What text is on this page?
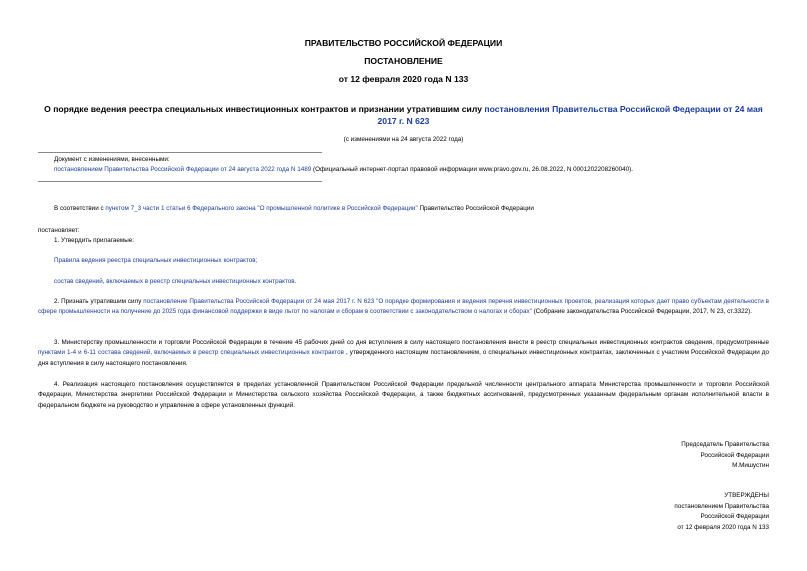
ПРАВИТЕЛЬСТВО РОССИЙСКОЙ ФЕДЕРАЦИИ
ПОСТАНОВЛЕНИЕ
от 12 февраля 2020 года N 133
О порядке ведения реестра специальных инвестиционных контрактов и признании утратившим силу постановления Правительства Российской Федерации от 24 мая 2017 г. N 623
(с изменениями на 24 августа 2022 года)
Документ с изменениями, внесенными:
постановлением Правительства Российской Федерации от 24 августа 2022 года N 1489 (Официальный интернет-портал правовой информации www.pravo.gov.ru, 26.08.2022, N 0001202208260040).
В соответствии с пунктом 7_3 части 1 статьи 6 Федерального закона "О промышленной политике в Российской Федерации" Правительство Российской Федерации
постановляет:
1. Утвердить прилагаемые:
Правила ведения реестра специальных инвестиционных контрактов;
состав сведений, включаемых в реестр специальных инвестиционных контрактов.
2. Признать утратившим силу постановление Правительства Российской Федерации от 24 мая 2017 г. N 623 "О порядке формирования и ведения перечня инвестиционных проектов, реализация которых дает право субъектам деятельности в сфере промышленности на получение до 2025 года финансовой поддержки в виде льгот по налогам и сборам в соответствии с законодательством о налогах и сборах" (Собрание законодательства Российской Федерации, 2017, N 23, ст.3322).
3. Министерству промышленности и торговли Российской Федерации в течение 45 рабочих дней со дня вступления в силу настоящего постановления внести в реестр специальных инвестиционных контрактов сведения, предусмотренные пунктами 1-4 и 6-11 состава сведений, включаемых в реестр специальных инвестиционных контрактов , утвержденного настоящим постановлением, о специальных инвестиционных контрактах, заключенных с участием Российской Федерации до дня вступления в силу настоящего постановления.
4. Реализация настоящего постановления осуществляется в пределах установленной Правительством Российской Федерации предельной численности центрального аппарата Министерства промышленности и торговли Российской Федерации, Министерства энергетики Российской Федерации и Министерства сельского хозяйства Российской Федерации, а также бюджетных ассигнований, предусмотренных указанным федеральным органам исполнительной власти в федеральном бюджете на руководство и управление в сфере установленных функций.
Председатель Правительства
Российской Федерации
М.Мишустин
УТВЕРЖДЕНЫ
постановлением Правительства
Российской Федерации
от 12 февраля 2020 года N 133
